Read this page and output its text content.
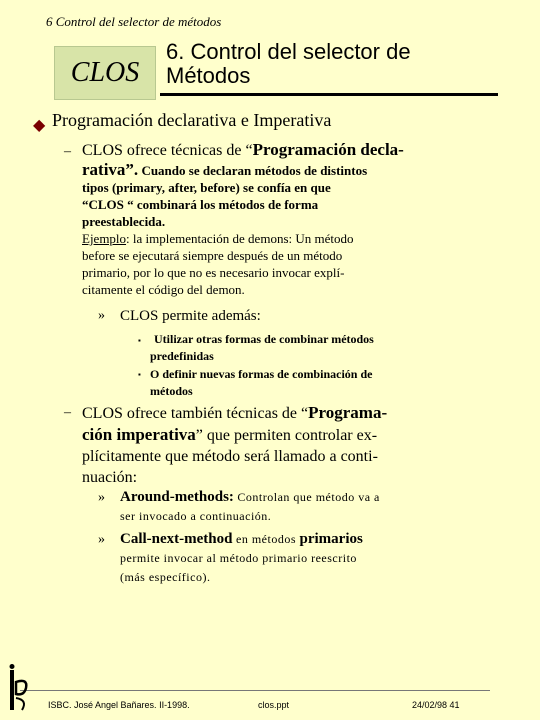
6 Control del selector de métodos
CLOS
6. Control del selector de
Métodos
◆ Programación declarativa e Imperativa
– CLOS ofrece técnicas de “Programación decla-
rativa”. Cuando se declaran métodos de distintos
tipos (primary, after, before) se confía en que
“CLOS “ combinará los métodos de forma
preestablecida.
Ejemplo: la implementación de demons: Un método
before se ejecutará siempre después de un método
primario, por lo que no es necesario invocar explí-
citamente el código del demon.
» CLOS permite además:
▪	Utilizar otras formas de combinar métodos
predefinidas
▪ O definir nuevas formas de combinación de
métodos
– CLOS ofrece también técnicas de “Programa-
ción imperativa” que permiten controlar ex-
plícitamente que método será llamado a conti-
nuación:
» Around-methods: Controlan que método va a
ser invocado a continuación.
» Call-next-method en métodos primarios
permite invocar al método primario reescrito
(más específico).
ISBC. José Angel Bañares. II-1998.	clos.ppt	24/02/98 41
